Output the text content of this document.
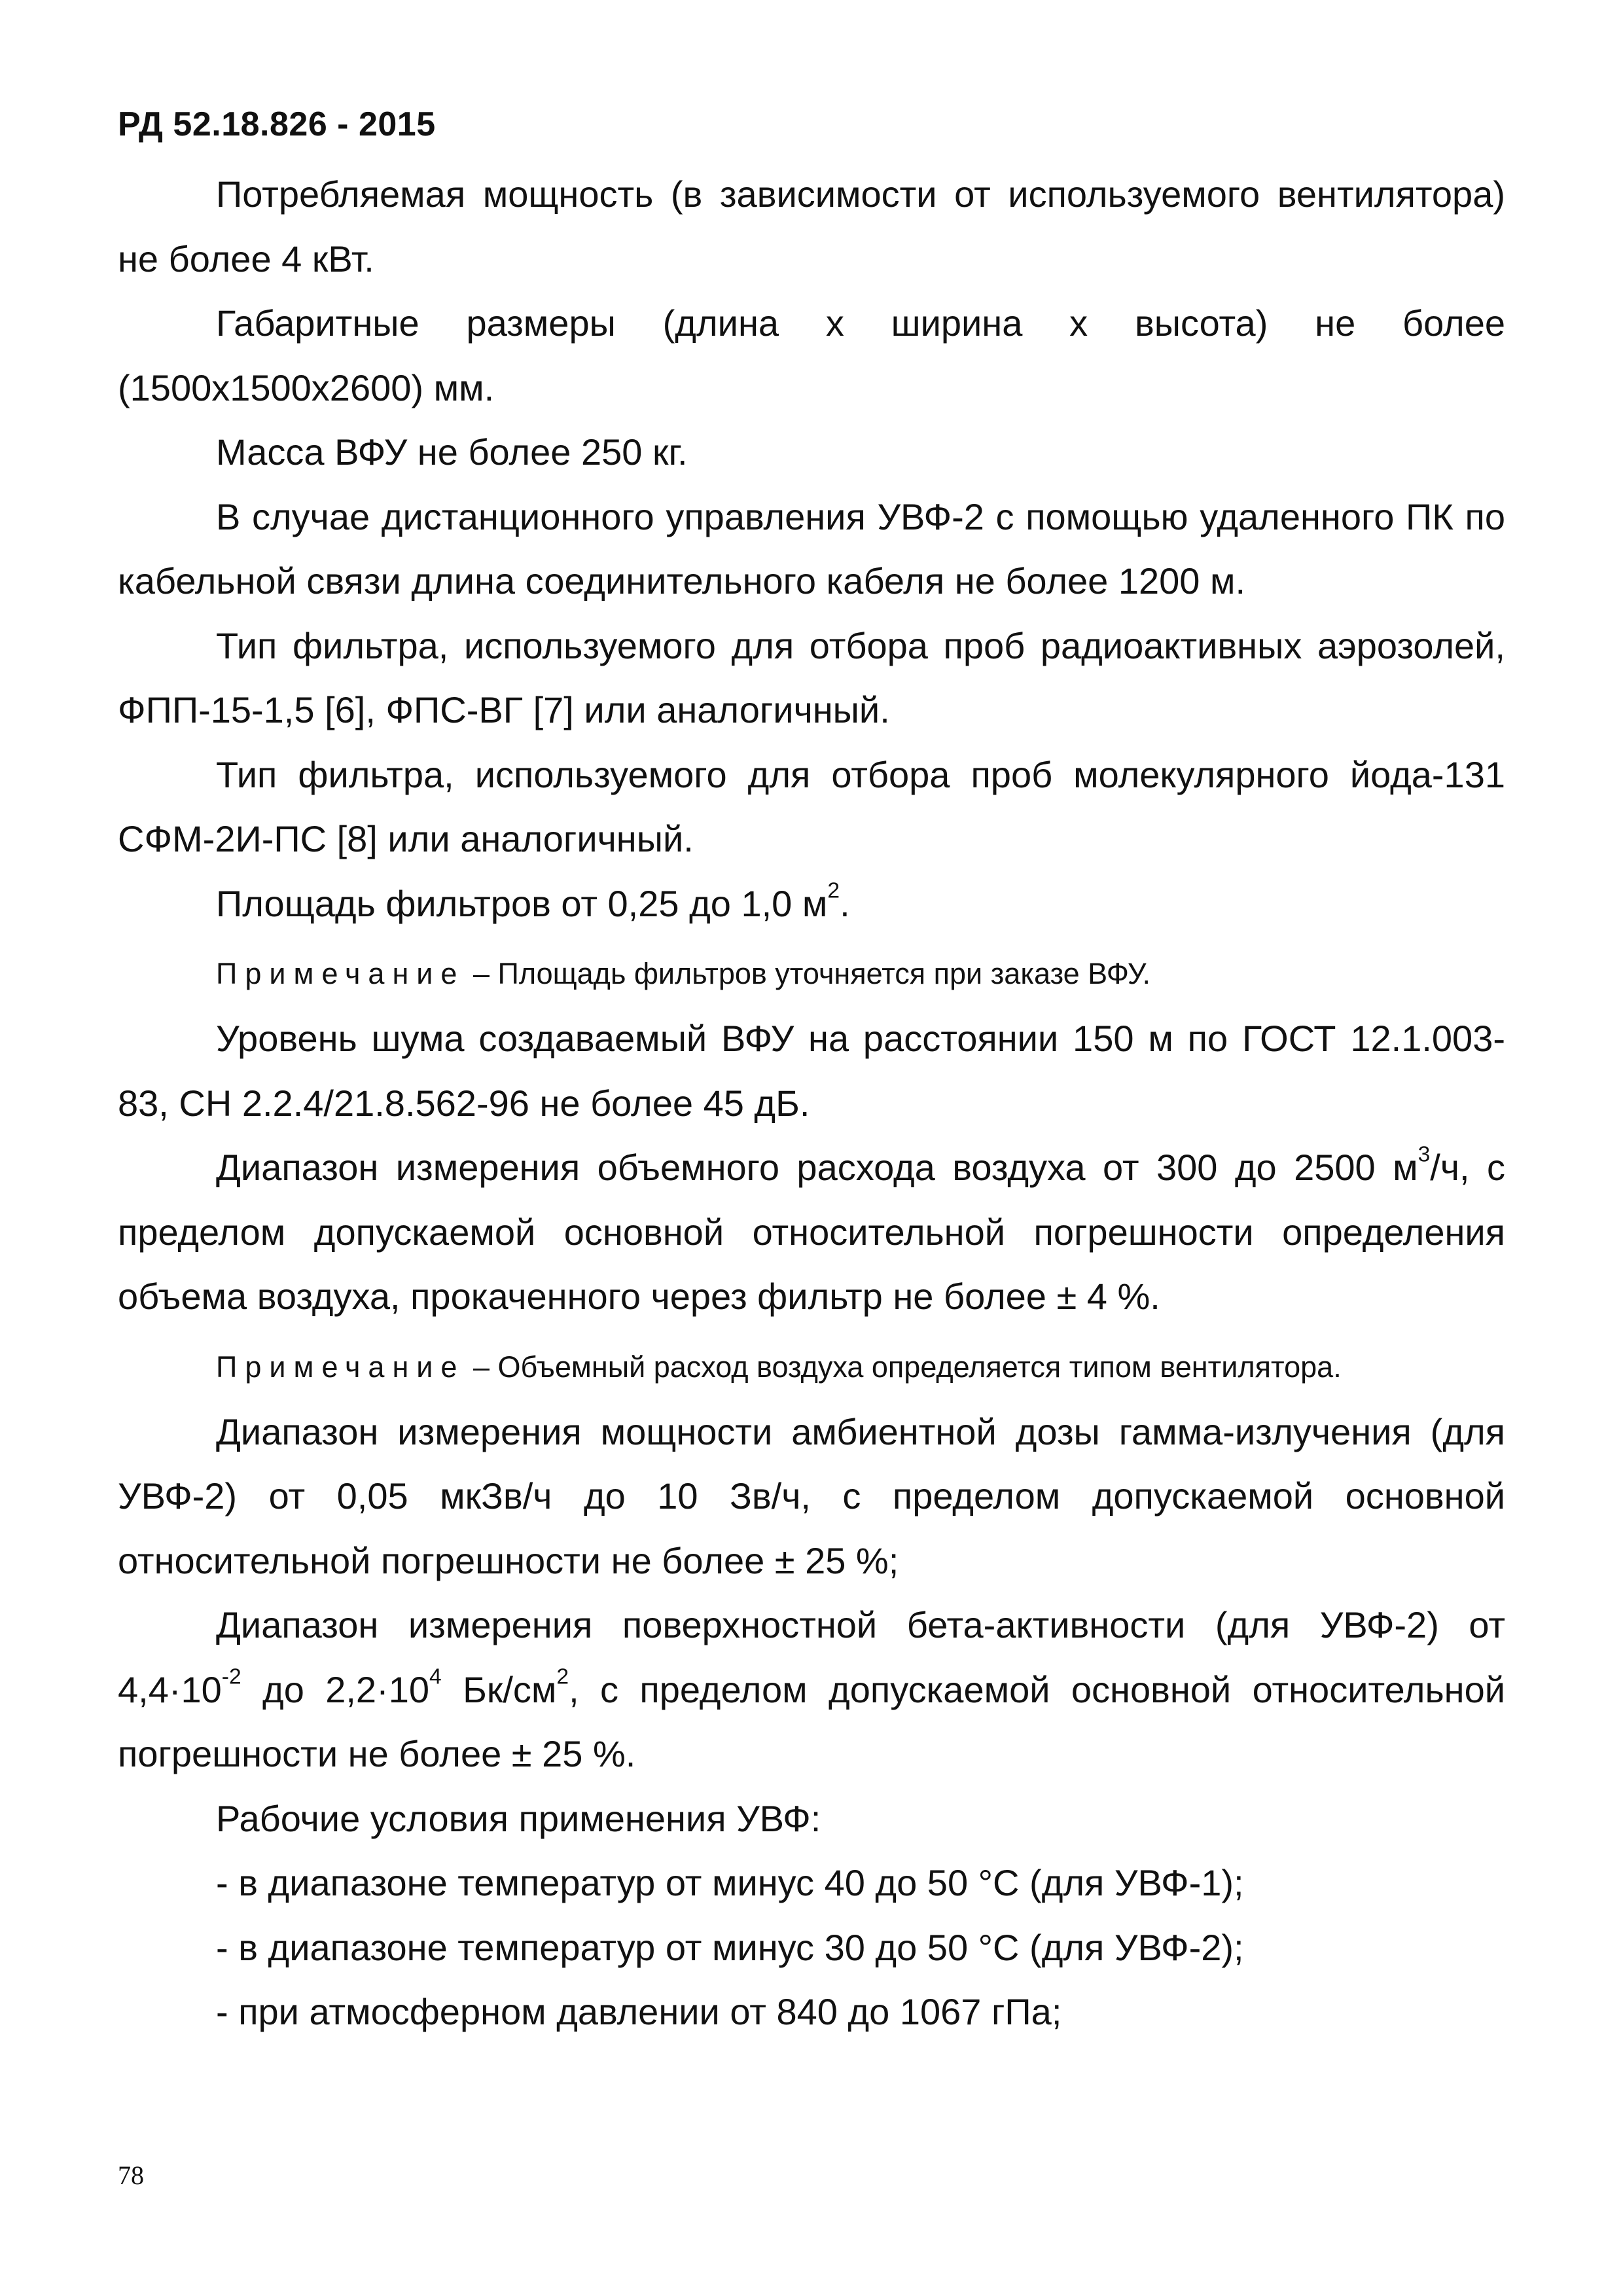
РД 52.18.826 - 2015

Потребляемая мощность (в зависимости от используемого вентилятора) не более 4 кВт.

Габаритные размеры (длина х ширина х высота) не более (1500х1500х2600) мм.

Масса ВФУ не более 250 кг.

В случае дистанционного управления УВФ-2 с помощью удаленного ПК по кабельной связи длина соединительного кабеля не более 1200 м.

Тип фильтра, используемого для отбора проб радиоактивных аэрозолей, ФПП-15-1,5 [6], ФПС-ВГ [7] или аналогичный.

Тип фильтра, используемого для отбора проб молекулярного йода-131 СФМ-2И-ПС [8] или аналогичный.

Площадь фильтров от 0,25 до 1,0 $м^2$.

Примечание – Площадь фильтров уточняется при заказе ВФУ.

Уровень шума создаваемый ВФУ на расстоянии 150 м по ГОСТ 12.1.003-83, СН 2.2.4/21.8.562-96 не более 45 дБ.

Диапазон измерения объемного расхода воздуха от 300 до 2500 $м^3/ч$, с пределом допускаемой основной относительной погрешности определения объема воздуха, прокаченного через фильтр не более ± 4 %.

Примечание – Объемный расход воздуха определяется типом вентилятора.

Диапазон измерения мощности амбиентной дозы гамма-излучения (для УВФ-2) от 0,05 мкЗв/ч до 10 Зв/ч, с пределом допускаемой основной относительной погрешности не более ± 25 %;

Диапазон измерения поверхностной бета-активности (для УВФ-2) от $4,4\cdot 10^{-2}$ до $2,2\cdot 10^4$ $Бк/см^2$, с пределом допускаемой основной относительной погрешности не более ± 25 %.

Рабочие условия применения УВФ:

- в диапазоне температур от минус 40 до 50 °С (для УВФ-1);

- в диапазоне температур от минус 30 до 50 °С (для УВФ-2);

- при атмосферном давлении от 840 до 1067 гПа;

78
